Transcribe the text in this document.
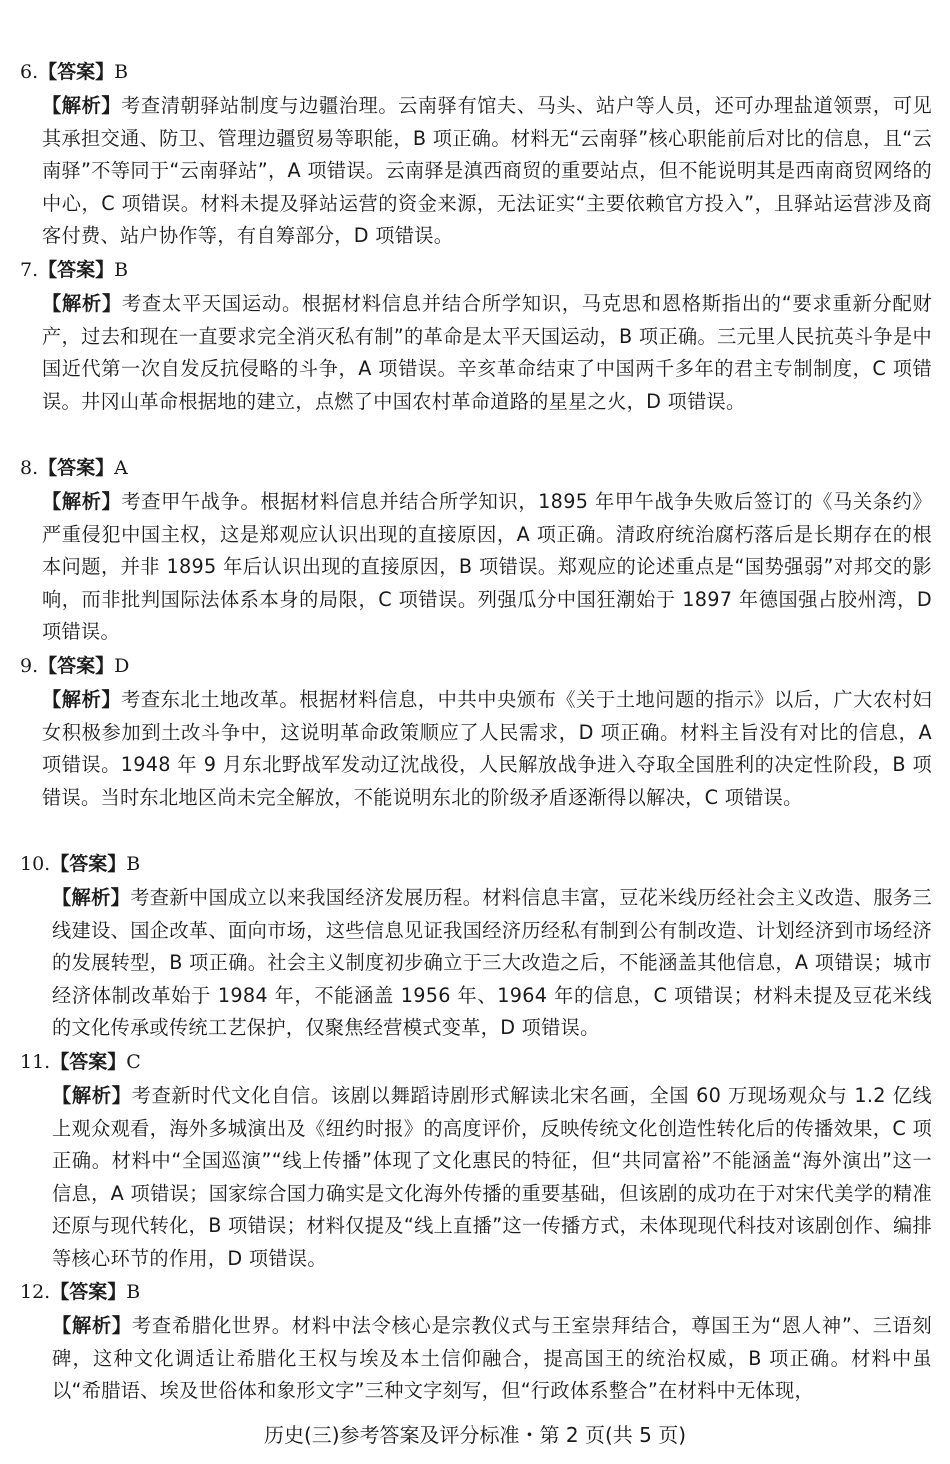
6.【答案】B

【解析】考查清朝驿站制度与边疆治理。云南驿有馆夫、马头、站户等人员，还可办理盐道领票，可见其承担交通、防卫、管理边疆贸易等职能，B 项正确。材料无“云南驿”核心职能前后对比的信息，且“云南驿”不等同于“云南驿站”，A 项错误。云南驿是滇西商贸的重要站点，但不能说明其是西南商贸网络的中心，C 项错误。材料未提及驿站运营的资金来源，无法证实“主要依赖官方投入”，且驿站运营涉及商客付费、站户协作等，有自筹部分，D 项错误。

7.【答案】B

【解析】考查太平天国运动。根据材料信息并结合所学知识，马克思和恩格斯指出的“要求重新分配财产，过去和现在一直要求完全消灭私有制”的革命是太平天国运动，B 项正确。三元里人民抗英斗争是中国近代第一次自发反抗侵略的斗争，A 项错误。辛亥革命结束了中国两千多年的君主专制制度，C 项错误。井冈山革命根据地的建立，点燃了中国农村革命道路的星星之火，D 项错误。

8.【答案】A

【解析】考查甲午战争。根据材料信息并结合所学知识，1895 年甲午战争失败后签订的《马关条约》严重侵犯中国主权，这是郑观应认识出现的直接原因，A 项正确。清政府统治腐朽落后是长期存在的根本问题，并非 1895 年后认识出现的直接原因，B 项错误。郑观应的论述重点是“国势强弱”对邦交的影响，而非批判国际法体系本身的局限，C 项错误。列强瓜分中国狂潮始于 1897 年德国强占胶州湾，D 项错误。

9.【答案】D

【解析】考查东北土地改革。根据材料信息，中共中央颁布《关于土地问题的指示》以后，广大农村妇女积极参加到土改斗争中，这说明革命政策顺应了人民需求，D 项正确。材料主旨没有对比的信息，A 项错误。1948 年 9 月东北野战军发动辽沈战役，人民解放战争进入夺取全国胜利的决定性阶段，B 项错误。当时东北地区尚未完全解放，不能说明东北的阶级矛盾逐渐得以解决，C 项错误。

10.【答案】B

【解析】考查新中国成立以来我国经济发展历程。材料信息丰富，豆花米线历经社会主义改造、服务三线建设、国企改革、面向市场，这些信息见证我国经济历经私有制到公有制改造、计划经济到市场经济的发展转型，B 项正确。社会主义制度初步确立于三大改造之后，不能涵盖其他信息，A 项错误；城市经济体制改革始于 1984 年，不能涵盖 1956 年、1964 年的信息，C 项错误；材料未提及豆花米线的文化传承或传统工艺保护，仅聚焦经营模式变革，D 项错误。

11.【答案】C

【解析】考查新时代文化自信。该剧以舞蹈诗剧形式解读北宋名画，全国 60 万现场观众与 1.2 亿线上观众观看，海外多城演出及《纽约时报》的高度评价，反映传统文化创造性转化后的传播效果，C 项正确。材料中“全国巡演”“线上传播”体现了文化惠民的特征，但“共同富裕”不能涵盖“海外演出”这一信息，A 项错误；国家综合国力确实是文化海外传播的重要基础，但该剧的成功在于对宋代美学的精准还原与现代转化，B 项错误；材料仅提及“线上直播”这一传播方式，未体现现代科技对该剧创作、编排等核心环节的作用，D 项错误。

12.【答案】B

【解析】考查希腊化世界。材料中法令核心是宗教仪式与王室崇拜结合，尊国王为“恩人神”、三语刻碑，这种文化调适让希腊化王权与埃及本土信仰融合，提高国王的统治权威，B 项正确。材料中虽以“希腊语、埃及世俗体和象形文字”三种文字刻写，但“行政体系整合”在材料中无体现，

历史(三)参考答案及评分标准・第 2 页(共 5 页)
